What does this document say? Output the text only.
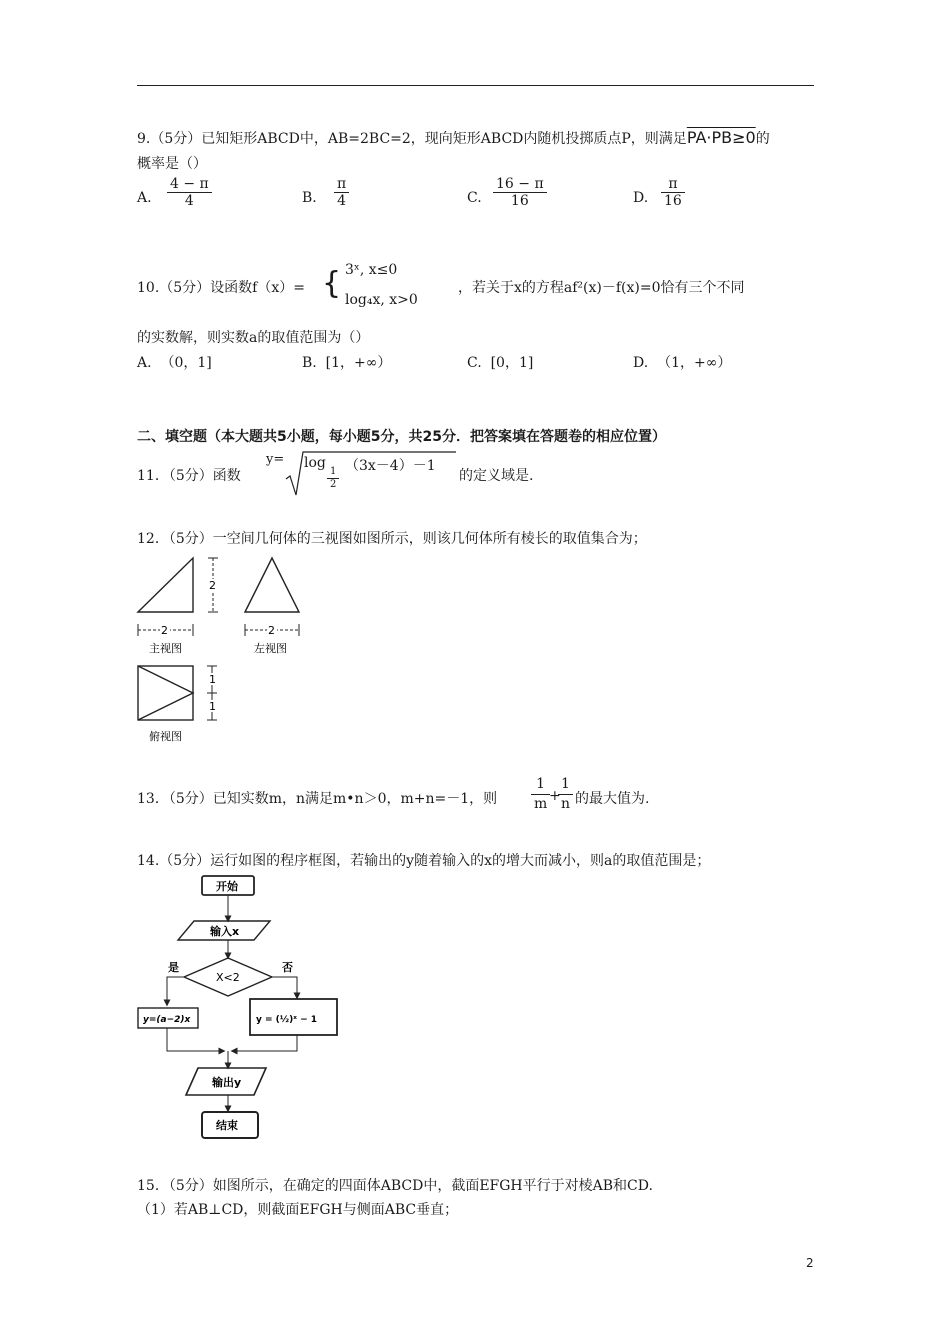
9.（5分）已知矩形ABCD中，AB=2BC=2，现向矩形ABCD内随机投掷质点P，则满足PA·PB≥0的
概率是（）
A. $\frac{4 - \pi}{4}$	B. $\frac{\pi}{4}$	C. $\frac{16 - \pi}{16}$	D. $\frac{\pi}{16}$
10.（5分）设函数f（x）= { 3ˣ, x≤0
log₄x, x>0
，若关于x的方程af²(x)－f(x)=0恰有三个不同
的实数解，则实数a的取值范围为（）
A. （0，1]	B. [1，+∞）	C. [0，1]	D. （1，+∞）
二、填空题（本大题共5小题，每小题5分，共25分．把答案填在答题卷的相应位置）
11．（5分）函数
y= log
$\frac{1}{2} (3x-4)-1$
的定义域是.
12．（5分）一空间几何体的三视图如图所示，则该几何体所有棱长的取值集合为；
2
2
主视图
2
左视图
1
1
俯视图
13．（5分）已知实数m，n满足m•n＞0，m+n=－1，则 $\frac{1}{m}$
+
$\frac{1}{n}$ 的最大值为.
14.（5分）运行如图的程序框图，若输出的y随着输入的x的增大而减小，则a的取值范围是；
开始
输入x
X<2
是	否
y=(a−2)x	y = (½)ˣ − 1
输出y
结束
15．（5分）如图所示，在确定的四面体ABCD中，截面EFGH平行于对棱AB和CD.
（1）若AB⊥CD，则截面EFGH与侧面ABC垂直；
2
